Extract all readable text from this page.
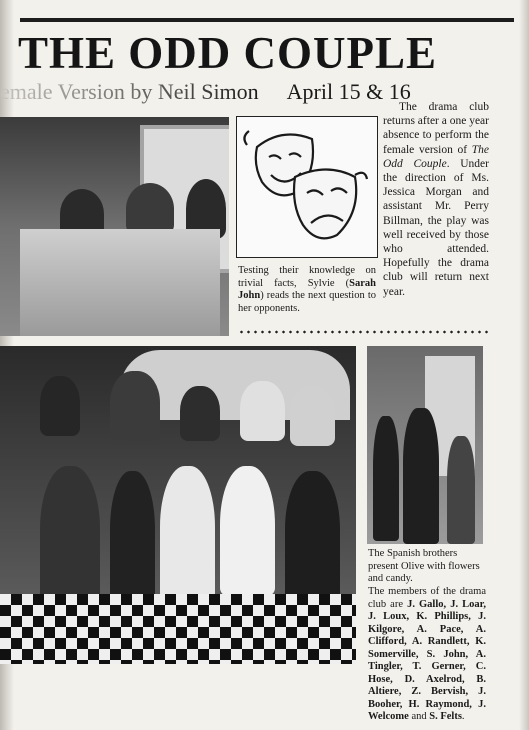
THE ODD COUPLE

emale Version by Neil Simon April 15 & 16

Testing their knowledge on trivial facts, Sylvie (Sarah John) reads the next question to her opponents.

The drama club returns after a one year absence to perform the female version of The Odd Couple. Under the direction of Ms. Jessica Morgan and assistant Mr. Perry Billman, the play was well received by those who attended. Hopefully the drama club will return next year.

The Spanish brothers present Olive with flowers and candy.

The members of the drama club are J. Gallo, J. Loar, J. Loux, K. Phillips, J. Kilgore, A. Pace, A. Clifford, A. Randlett, K. Somerville, S. John, A. Tingler, T. Gerner, C. Hose, D. Axelrod, B. Altiere, Z. Bervish, J. Booher, H. Raymond, J. Welcome and S. Felts.
